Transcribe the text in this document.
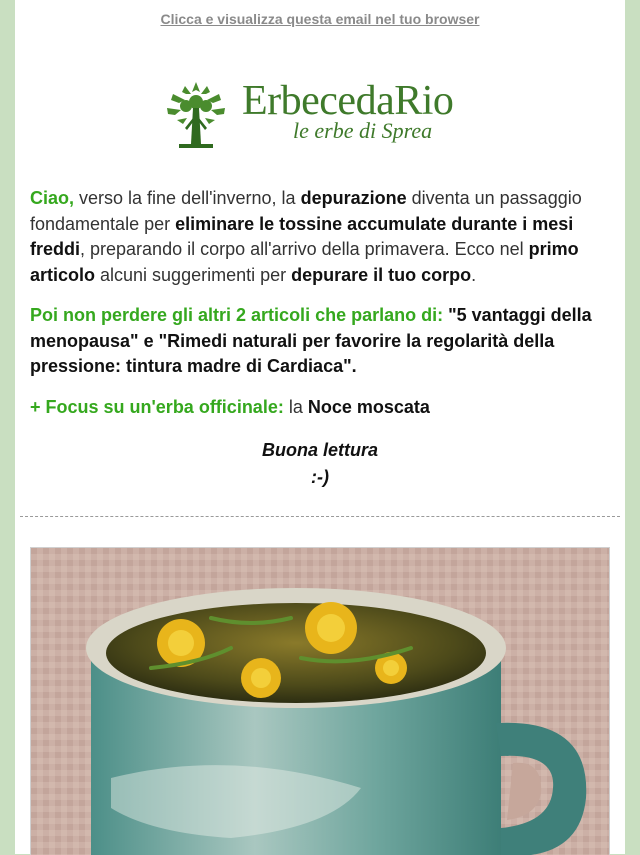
Clicca e visualizza questa email nel tuo browser
ErbecedaRio
le erbe di Sprea
Ciao, verso la fine dell'inverno, la depurazione diventa un passaggio fondamentale per eliminare le tossine accumulate durante i mesi freddi, preparando il corpo all'arrivo della primavera. Ecco nel primo articolo alcuni suggerimenti per depurare il tuo corpo.
Poi non perdere gli altri 2 articoli che parlano di: "5 vantaggi della menopausa" e "Rimedi naturali per favorire la regolarità della pressione: tintura madre di Cardiaca".
+ Focus su un'erba officinale: la Noce moscata
Buona lettura
:-)
